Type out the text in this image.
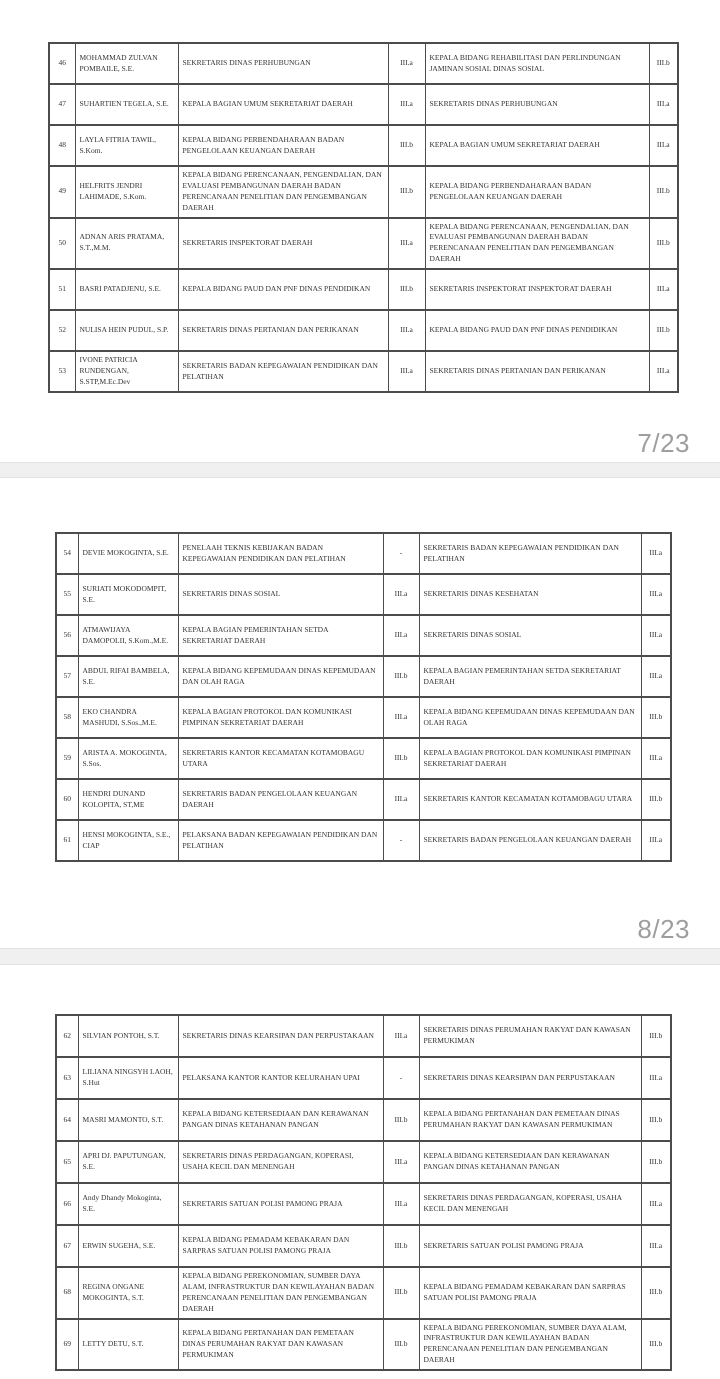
46	MOHAMMAD ZULVAN POMBAILE, S.E.	SEKRETARIS DINAS PERHUBUNGAN	III.a	KEPALA BIDANG REHABILITASI DAN PERLINDUNGAN JAMINAN SOSIAL DINAS SOSIAL	III.b
47	SUHARTIEN TEGELA, S.E.	KEPALA BAGIAN UMUM SEKRETARIAT DAERAH	III.a	SEKRETARIS DINAS PERHUBUNGAN	III.a
48	LAYLA FITRIA TAWIL, S.Kom.	KEPALA BIDANG PERBENDAHARAAN BADAN PENGELOLAAN KEUANGAN DAERAH	III.b	KEPALA BAGIAN UMUM SEKRETARIAT DAERAH	III.a
49	HELFRITS JENDRI LAHIMADE, S.Kom.	KEPALA BIDANG PERENCANAAN, PENGENDALIAN, DAN EVALUASI PEMBANGUNAN DAERAH BADAN PERENCANAAN PENELITIAN DAN PENGEMBANGAN DAERAH	III.b	KEPALA BIDANG PERBENDAHARAAN BADAN PENGELOLAAN KEUANGAN DAERAH	III.b
50	ADNAN ARIS PRATAMA, S.T.,M.M.	SEKRETARIS INSPEKTORAT DAERAH	III.a	KEPALA BIDANG PERENCANAAN, PENGENDALIAN, DAN EVALUASI PEMBANGUNAN DAERAH BADAN PERENCANAAN PENELITIAN DAN PENGEMBANGAN DAERAH	III.b
51	BASRI PATADJENU, S.E.	KEPALA BIDANG PAUD DAN PNF DINAS PENDIDIKAN	III.b	SEKRETARIS INSPEKTORAT INSPEKTORAT DAERAH	III.a
52	NULISA HEIN PUDUL, S.P.	SEKRETARIS DINAS PERTANIAN DAN PERIKANAN	III.a	KEPALA BIDANG PAUD DAN PNF DINAS PENDIDIKAN	III.b
53	IVONE PATRICIA RUNDENGAN, S.STP,M.Ec.Dev	SEKRETARIS BADAN KEPEGAWAIAN PENDIDIKAN DAN PELATIHAN	III.a	SEKRETARIS DINAS PERTANIAN DAN PERIKANAN	III.a
7/23
54	DEVIE MOKOGINTA, S.E.	PENELAAH TEKNIS KEBIJAKAN BADAN KEPEGAWAIAN PENDIDIKAN DAN PELATIHAN	-	SEKRETARIS BADAN KEPEGAWAIAN PENDIDIKAN DAN PELATIHAN	III.a
55	SURIATI MOKODOMPIT, S.E.	SEKRETARIS DINAS SOSIAL	III.a	SEKRETARIS DINAS KESEHATAN	III.a
56	ATMAWIJAYA DAMOPOLII, S.Kom.,M.E.	KEPALA BAGIAN PEMERINTAHAN SETDA SEKRETARIAT DAERAH	III.a	SEKRETARIS DINAS SOSIAL	III.a
57	ABDUL RIFAI BAMBELA, S.E.	KEPALA BIDANG KEPEMUDAAN DINAS KEPEMUDAAN DAN OLAH RAGA	III.b	KEPALA BAGIAN PEMERINTAHAN SETDA SEKRETARIAT DAERAH	III.a
58	EKO CHANDRA MASHUDI, S.Sos.,M.E.	KEPALA BAGIAN PROTOKOL DAN KOMUNIKASI PIMPINAN SEKRETARIAT DAERAH	III.a	KEPALA BIDANG KEPEMUDAAN DINAS KEPEMUDAAN DAN OLAH RAGA	III.b
59	ARISTA A. MOKOGINTA, S.Sos.	SEKRETARIS KANTOR KECAMATAN KOTAMOBAGU UTARA	III.b	KEPALA BAGIAN PROTOKOL DAN KOMUNIKASI PIMPINAN SEKRETARIAT DAERAH	III.a
60	HENDRI DUNAND KOLOPITA, ST,ME	SEKRETARIS BADAN PENGELOLAAN KEUANGAN DAERAH	III.a	SEKRETARIS KANTOR KECAMATAN KOTAMOBAGU UTARA	III.b
61	HENSI MOKOGINTA, S.E., CIAP	PELAKSANA BADAN KEPEGAWAIAN PENDIDIKAN DAN PELATIHAN	-	SEKRETARIS BADAN PENGELOLAAN KEUANGAN DAERAH	III.a
8/23
62	SILVIAN PONTOH, S.T.	SEKRETARIS DINAS KEARSIPAN DAN PERPUSTAKAAN	III.a	SEKRETARIS DINAS PERUMAHAN RAKYAT DAN KAWASAN PERMUKIMAN	III.b
63	LILIANA NINGSYH LAOH, S.Hut	PELAKSANA KANTOR KANTOR KELURAHAN UPAI	-	SEKRETARIS DINAS KEARSIPAN DAN PERPUSTAKAAN	III.a
64	MASRI MAMONTO, S.T.	KEPALA BIDANG KETERSEDIAAN DAN KERAWANAN PANGAN DINAS KETAHANAN PANGAN	III.b	KEPALA BIDANG PERTANAHAN DAN PEMETAAN DINAS PERUMAHAN RAKYAT DAN KAWASAN PERMUKIMAN	III.b
65	APRI DJ. PAPUTUNGAN, S.E.	SEKRETARIS DINAS PERDAGANGAN, KOPERASI, USAHA KECIL DAN MENENGAH	III.a	KEPALA BIDANG KETERSEDIAAN DAN KERAWANAN PANGAN DINAS KETAHANAN PANGAN	III.b
66	Andy Dhandy Mokoginta, S.E.	SEKRETARIS SATUAN POLISI PAMONG PRAJA	III.a	SEKRETARIS DINAS PERDAGANGAN, KOPERASI, USAHA KECIL DAN MENENGAH	III.a
67	ERWIN SUGEHA, S.E.	KEPALA BIDANG PEMADAM KEBAKARAN DAN SARPRAS SATUAN POLISI PAMONG PRAJA	III.b	SEKRETARIS SATUAN POLISI PAMONG PRAJA	III.a
68	REGINA ONGANE MOKOGINTA, S.T.	KEPALA BIDANG PEREKONOMIAN, SUMBER DAYA ALAM, INFRASTRUKTUR DAN KEWILAYAHAN BADAN PERENCANAAN PENELITIAN DAN PENGEMBANGAN DAERAH	III.b	KEPALA BIDANG PEMADAM KEBAKARAN DAN SARPRAS SATUAN POLISI PAMONG PRAJA	III.b
69	LETTY DETU, S.T.	KEPALA BIDANG PERTANAHAN DAN PEMETAAN DINAS PERUMAHAN RAKYAT DAN KAWASAN PERMUKIMAN	III.b	KEPALA BIDANG PEREKONOMIAN, SUMBER DAYA ALAM, INFRASTRUKTUR DAN KEWILAYAHAN BADAN PERENCANAAN PENELITIAN DAN PENGEMBANGAN DAERAH	III.b
